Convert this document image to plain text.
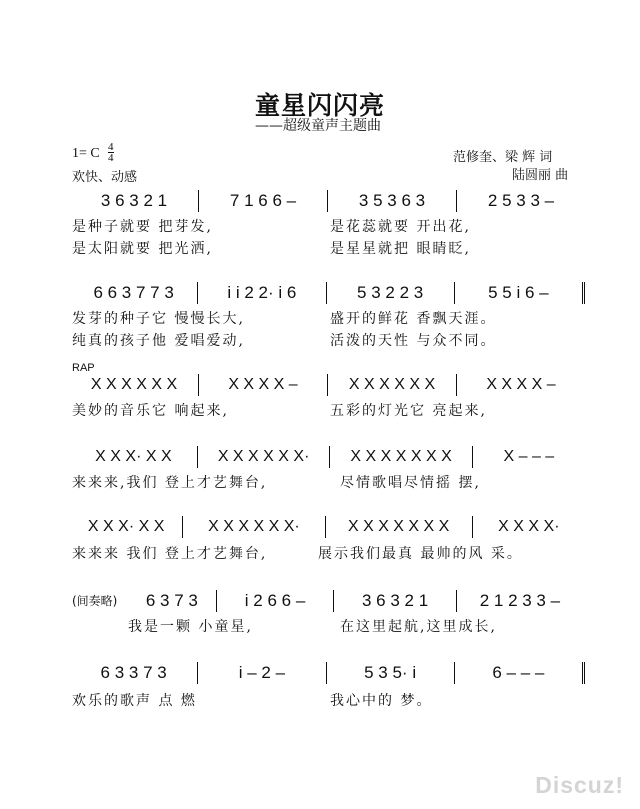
童星闪闪亮
——超级童声主题曲
范修奎、梁 辉 词
陆圆丽 曲
1= C $\frac{4}{4}$
欢快、动感
3 6 3 2 1	7 1 6 6 –	3 5 3 6 3	2 5 3 3 –
是种子就要 把芽发,	是花蕊就要 开出花,
是太阳就要 把光洒,	是星星就把 眼睛眨,
6 6 3 7 7 3	i i 2 2· i 6	5 3 2 2 3	5 5 i 6 –
发芽的种子它 慢慢长大,	盛开的鲜花 香飘天涯。
纯真的孩子他 爱唱爱动,	活泼的天性 与众不同。
RAP
X X X X X X	X X X X –	X X X X X X	X X X X –
美妙的音乐它 响起来,	五彩的灯光它 亮起来,
X X X· X X	X X X X X X·	X X X X X X X	X – – –
来来来,我们 登上才艺舞台,	尽情歌唱尽情摇 摆,
X X X· X X	X X X X X X·	X X X X X X X	X X X X·
来来来 我们 登上才艺舞台,	展示我们最真 最帅的风 采。
(间奏略) 6 3 7 3	i 2 6 6 –	3 6 3 2 1	2 1 2 3 3 –
我是一颗 小童星,	在这里起航,这里成长,
6 3 3 7 3	i – 2 –	5 3 5· i	6 – – –
欢乐的歌声 点 燃	我心中的 梦。
Discuz!
